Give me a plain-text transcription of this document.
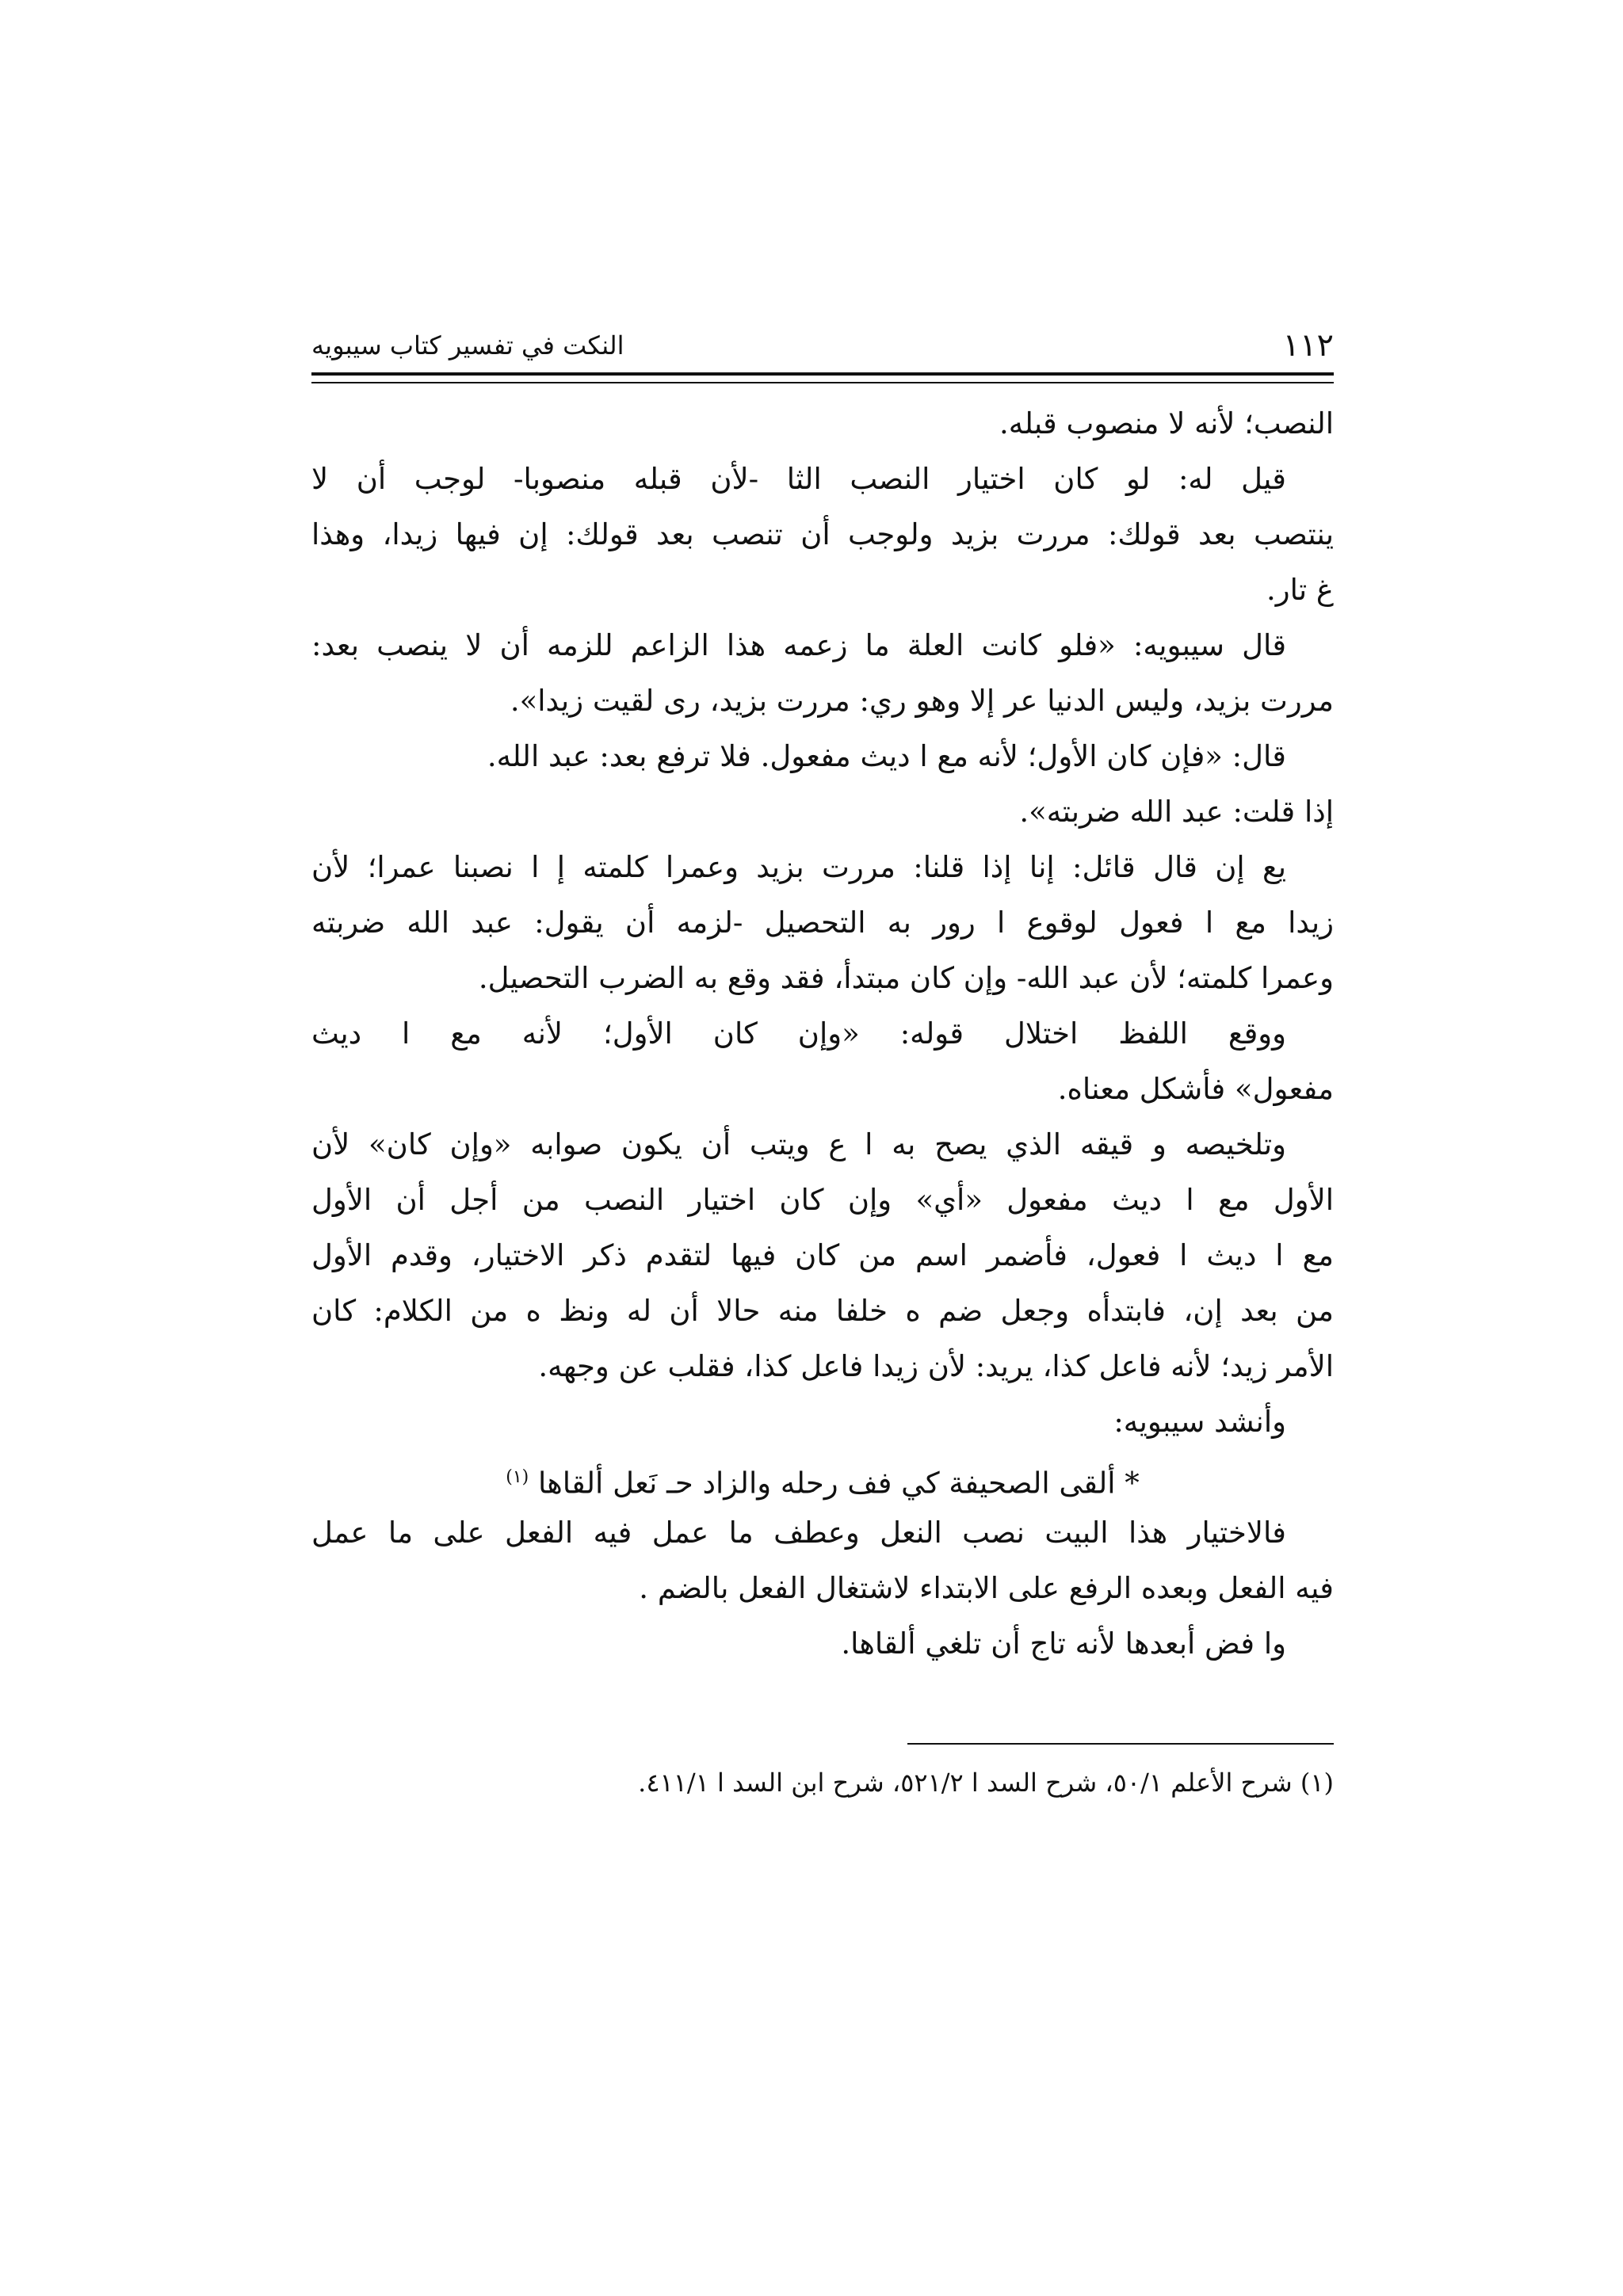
١١٢
النكت في تفسير كتاب سيبويه
النصب؛ لأنه لا منصوب قبله.
قيل له: لو كان اختيار النصب الثا -لأن قبله منصوبا- لوجب أن لا
ينتصب بعد قولك: مررت بزيد ولوجب أن تنصب بعد قولك: إن فيها زيدا، وهذا
غ تار.
قال سيبويه: «فلو كانت العلة ما زعمه هذا الزاعم للزمه أن لا ينصب بعد:
مررت بزيد، وليس الدنيا عر إلا وهو ري: مررت بزيد، رى لقيت زيدا».
قال: «فإن كان الأول؛ لأنه مع ا ديث مفعول. فلا ترفع بعد: عبد الله.
إذا قلت: عبد الله ضربته».
يع إن قال قائل: إنا إذا قلنا: مررت بزيد وعمرا كلمته إ ا نصبنا عمرا؛ لأن
زيدا مع ا فعول لوقوع ا رور به التحصيل -لزمه أن يقول: عبد الله ضربته
وعمرا كلمته؛ لأن عبد الله- وإن كان مبتدأ، فقد وقع به الضرب التحصيل.
ووقع اللفظ اختلال قوله: «وإن كان الأول؛ لأنه مع ا ديث
مفعول» فأشكل معناه.
وتلخيصه و قيقه الذي يصح به ا ع ويتب أن يكون صوابه «وإن كان» لأن
الأول مع ا ديث مفعول «أي» وإن كان اختيار النصب من أجل أن الأول
مع ا ديث ا فعول، فأضمر اسم من كان فيها لتقدم ذكر الاختيار، وقدم الأول
من بعد إن، فابتدأه وجعل ضم ه خلفا منه حالا أن له ونظ ه من الكلام: كان
الأمر زيد؛ لأنه فاعل كذا، يريد: لأن زيدا فاعل كذا، فقلب عن وجهه.
وأنشد سيبويه:
* ألقى الصحيفة كي فف رحله والزاد حـ نَعل ألقاها $^{(١)}$
فالاختيار هذا البيت نصب النعل وعطف ما عمل فيه الفعل على ما عمل
فيه الفعل وبعده الرفع على الابتداء لاشتغال الفعل بالضم .
وا فض أبعدها لأنه تاج أن تلغي ألقاها.
(١) شرح الأعلم ٥٠/١، شرح السد ا ٥٢١/٢، شرح ابن السد ا ٤١١/١.
